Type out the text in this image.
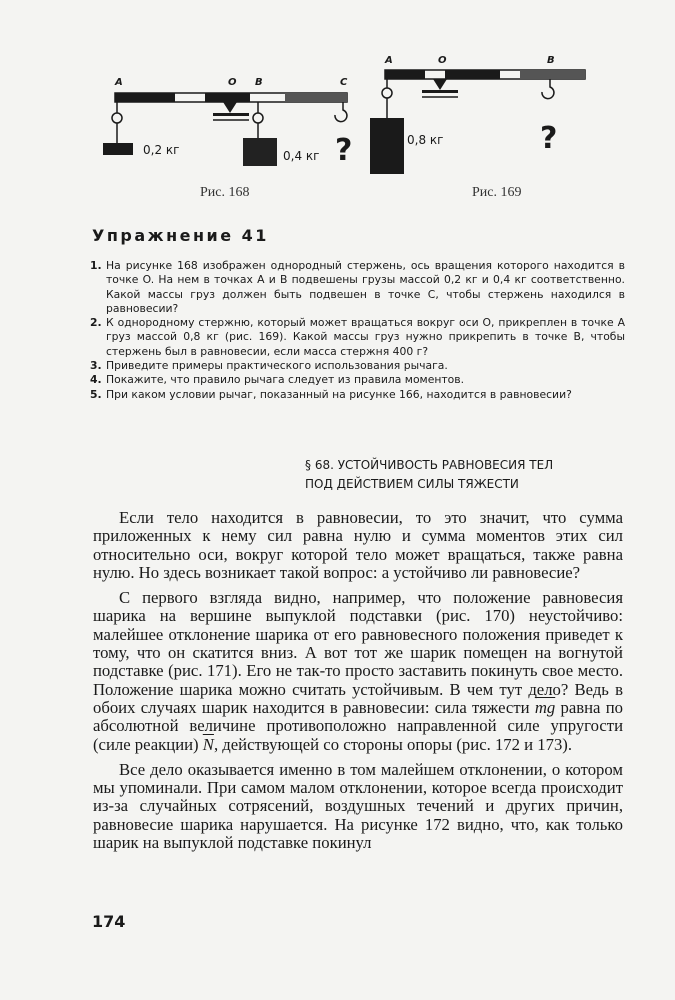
A	O B	C
0,2 кг	0,4 кг ?
Рис. 168
A	O	B
0,8 кг	?
Рис. 169
Упражнение 41
1. На рисунке 168 изображен однородный стержень, ось вращения которого находится в точке O. На нем в точках A и B подвешены грузы массой 0,2 кг и 0,4 кг соответственно. Какой массы груз должен быть подвешен в точке C, чтобы стержень находился в равновесии?
2. К однородному стержню, который может вращаться вокруг оси O, прикреплен в точке A груз массой 0,8 кг (рис. 169). Какой массы груз нужно прикрепить в точке B, чтобы стержень был в равновесии, если масса стержня 400 г?
3. Приведите примеры практического использования рычага.
4. Покажите, что правило рычага следует из правила моментов.
5. При каком условии рычаг, показанный на рисунке 166, находится в равновесии?
§ 68. УСТОЙЧИВОСТЬ РАВНОВЕСИЯ ТЕЛ
ПОД ДЕЙСТВИЕМ СИЛЫ ТЯЖЕСТИ

Если тело находится в равновесии, то это значит, что сумма приложенных к нему сил равна нулю и сумма моментов этих сил относительно оси, вокруг которой тело может вращаться, также равна нулю. Но здесь возникает такой вопрос: а устойчиво ли равновесие?

С первого взгляда видно, например, что положение равновесия шарика на вершине выпуклой подставки (рис. 170) неустойчиво: малейшее отклонение шарика от его равновесного положения приведет к тому, что он скатится вниз. А вот тот же шарик помещен на вогнутой подставке (рис. 171). Его не так-то просто заставить покинуть свое место. Положение шарика можно считать устойчивым. В чем тут дело? Ведь в обоих случаях шарик находится в равновесии: сила тяжести $\overline{mg}$ равна по абсолютной величине противоположно направленной силе упругости (силе реакции) $\overline{N}$, действующей со стороны опоры (рис. 172 и 173).

Все дело оказывается именно в том малейшем отклонении, о котором мы упоминали. При самом малом отклонении, которое всегда происходит из-за случайных сотрясений, воздушных течений и других причин, равновесие шарика нарушается. На рисунке 172 видно, что, как только шарик на выпуклой подставке покинул

174
